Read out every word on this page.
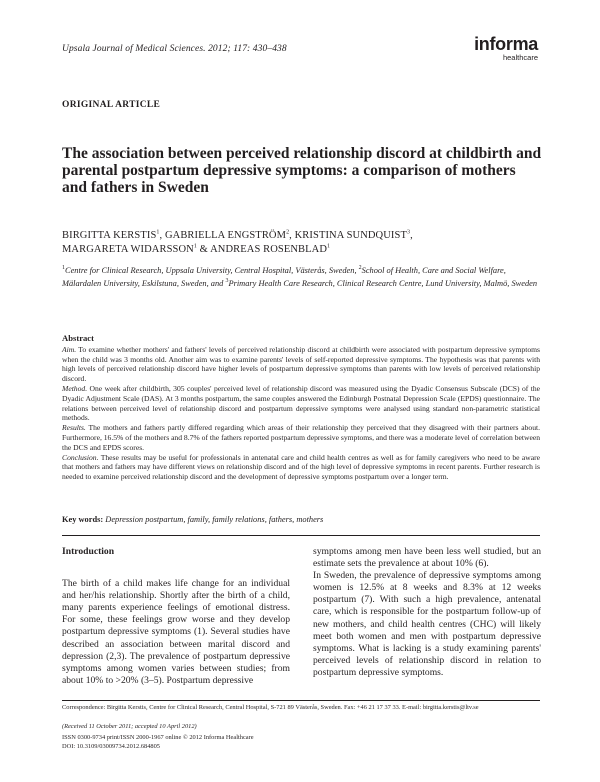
Upsala Journal of Medical Sciences. 2012; 117: 430–438	informa
healthcare
ORIGINAL ARTICLE
The association between perceived relationship discord at childbirth and parental postpartum depressive symptoms: a comparison of mothers and fathers in Sweden
BIRGITTA KERSTIS$^1$, GABRIELLA ENGSTRÖM$^2$, KRISTINA SUNDQUIST$^3$,
MARGARETA WIDARSSON$^1$ & ANDREAS ROSENBLAD$^1$
$^1$Centre for Clinical Research, Uppsala University, Central Hospital, Västerås, Sweden, $^2$School of Health, Care and Social Welfare, Mälardalen University, Eskilstuna, Sweden, and $^3$Primary Health Care Research, Clinical Research Centre, Lund University, Malmö, Sweden
Abstract

Aim. To examine whether mothers' and fathers' levels of perceived relationship discord at childbirth were associated with postpartum depressive symptoms when the child was 3 months old. Another aim was to examine parents' levels of self-reported depressive symptoms. The hypothesis was that parents with high levels of perceived relationship discord have higher levels of postpartum depressive symptoms than parents with low levels of perceived relationship discord.

Method. One week after childbirth, 305 couples' perceived level of relationship discord was measured using the Dyadic Consensus Subscale (DCS) of the Dyadic Adjustment Scale (DAS). At 3 months postpartum, the same couples answered the Edinburgh Postnatal Depression Scale (EPDS) questionnaire. The relations between perceived level of relationship discord and postpartum depressive symptoms were analysed using standard non-parametric statistical methods.

Results. The mothers and fathers partly differed regarding which areas of their relationship they perceived that they disagreed with their partners about. Furthermore, 16.5% of the mothers and 8.7% of the fathers reported postpartum depressive symptoms, and there was a moderate level of correlation between the DCS and EPDS scores.

Conclusion. These results may be useful for professionals in antenatal care and child health centres as well as for family caregivers who need to be aware that mothers and fathers may have different views on relationship discord and of the high level of depressive symptoms in recent parents. Further research is needed to examine perceived relationship discord and the development of depressive symptoms postpartum over a longer term.

Key words: Depression postpartum, family, family relations, fathers, mothers
Introduction

The birth of a child makes life change for an individual and her/his relationship. Shortly after the birth of a child, many parents experience feelings of emotional distress. For some, these feelings grow worse and they develop postpartum depressive symptoms (1). Several studies have described an association between marital discord and depression (2,3). The prevalence of postpartum depressive symptoms among women varies between studies; from about 10% to >20% (3–5). Postpartum depressive

symptoms among men have been less well studied, but an estimate sets the prevalence at about 10% (6).

In Sweden, the prevalence of depressive symptoms among women is 12.5% at 8 weeks and 8.3% at 12 weeks postpartum (7). With such a high prevalence, antenatal care, which is responsible for the postpartum follow-up of new mothers, and child health centres (CHC) will likely meet both women and men with postpartum depressive symptoms. What is lacking is a study examining parents' perceived levels of relationship discord in relation to postpartum depressive symptoms.

Correspondence: Birgitta Kerstis, Centre for Clinical Research, Central Hospital, S-721 89 Västerås, Sweden. Fax: +46 21 17 37 33. E-mail: birgitta.kerstis@ltv.se
(Received 11 October 2011; accepted 10 April 2012)
ISSN 0300-9734 print/ISSN 2000-1967 online © 2012 Informa Healthcare
DOI: 10.3109/03009734.2012.684805
